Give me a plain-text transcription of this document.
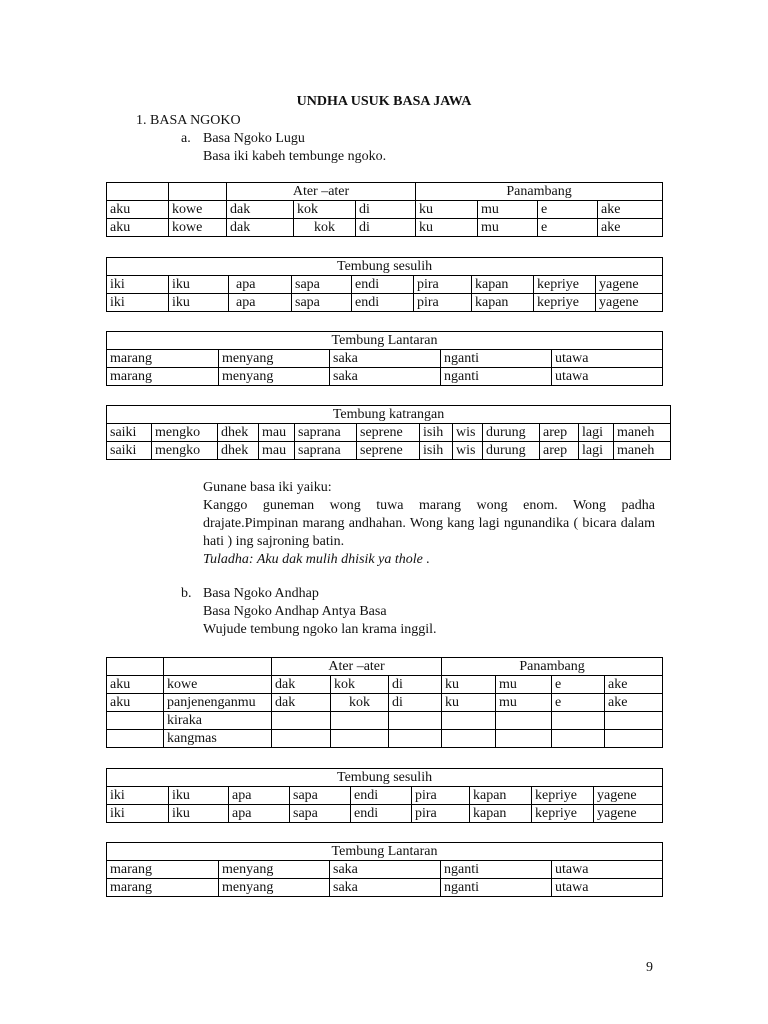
UNDHA USUK BASA JAWA
1. BASA NGOKO
a. Basa Ngoko Lugu
Basa iki kabeh tembunge ngoko.
		Ater –ater			Panambang			
aku	kowe	dak	kok	di	ku	mu	e	ake
aku	kowe	dak	kok	di	ku	mu	e	ake
Tembung sesulih								
iki	iku	apa	sapa	endi	pira	kapan	kepriye	yagene
iki	iku	apa	sapa	endi	pira	kapan	kepriye	yagene
Tembung Lantaran				
marang	menyang	saka	nganti	utawa
marang	menyang	saka	nganti	utawa
Tembung katrangan											
saiki	mengko	dhek	mau	saprana	seprene	isih	wis	durung	arep	lagi	maneh
saiki	mengko	dhek	mau	saprana	seprene	isih	wis	durung	arep	lagi	maneh

Gunane basa iki yaiku:

Kanggo guneman wong tuwa marang wong enom. Wong padha drajate.Pimpinan marang andhahan. Wong kang lagi ngunandika ( bicara dalam hati ) ing sajroning batin.

Tuladha: Aku dak mulih dhisik ya thole .

b. Basa Ngoko Andhap
Basa Ngoko Andhap Antya Basa
Wujude tembung ngoko lan krama inggil.
		Ater –ater			Panambang			
aku	kowe	dak	kok	di	ku	mu	e	ake
aku	panjenenganmu	dak	kok	di	ku	mu	e	ake
	kiraka							
	kangmas							
Tembung sesulih								
iki	iku	apa	sapa	endi	pira	kapan	kepriye	yagene
iki	iku	apa	sapa	endi	pira	kapan	kepriye	yagene
Tembung Lantaran				
marang	menyang	saka	nganti	utawa
marang	menyang	saka	nganti	utawa
9
